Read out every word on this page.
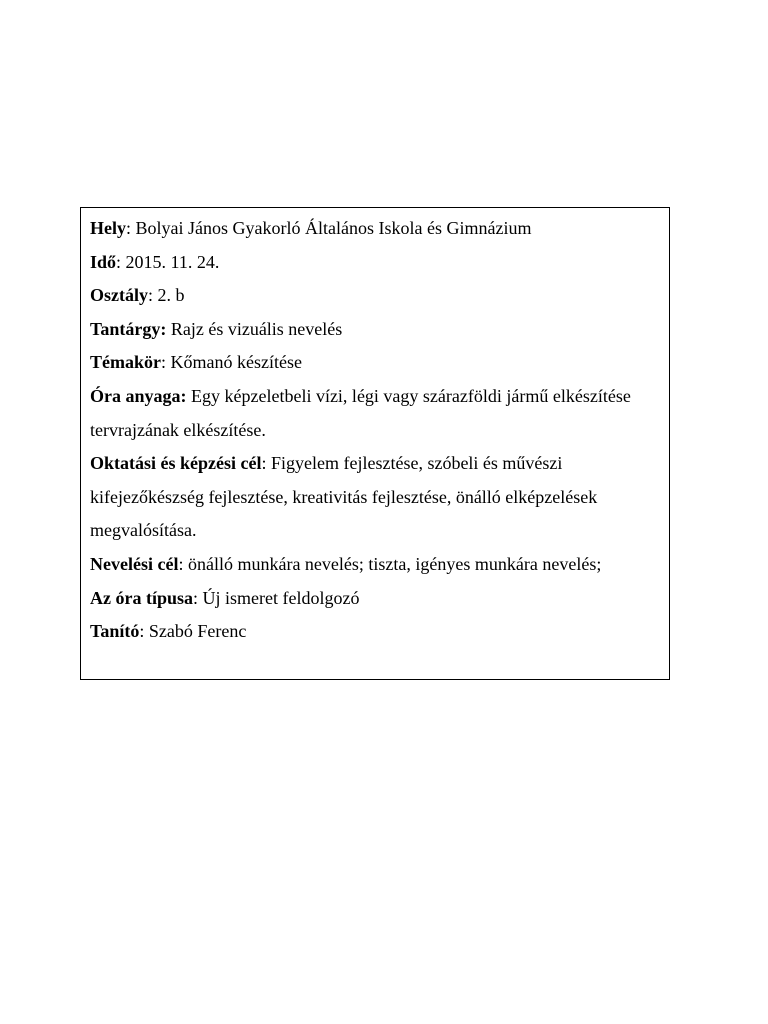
Hely: Bolyai János Gyakorló Általános Iskola és Gimnázium

Idő: 2015. 11. 24.

Osztály: 2. b

Tantárgy: Rajz és vizuális nevelés

Témakör: Kőmanó készítése

Óra anyaga: Egy képzeletbeli vízi, légi vagy szárazföldi jármű elkészítése tervrajzának elkészítése.

Oktatási és képzési cél: Figyelem fejlesztése, szóbeli és művészi kifejezőkészség fejlesztése, kreativitás fejlesztése, önálló elképzelések megvalósítása.

Nevelési cél: önálló munkára nevelés; tiszta, igényes munkára nevelés;

Az óra típusa: Új ismeret feldolgozó

Tanító: Szabó Ferenc
